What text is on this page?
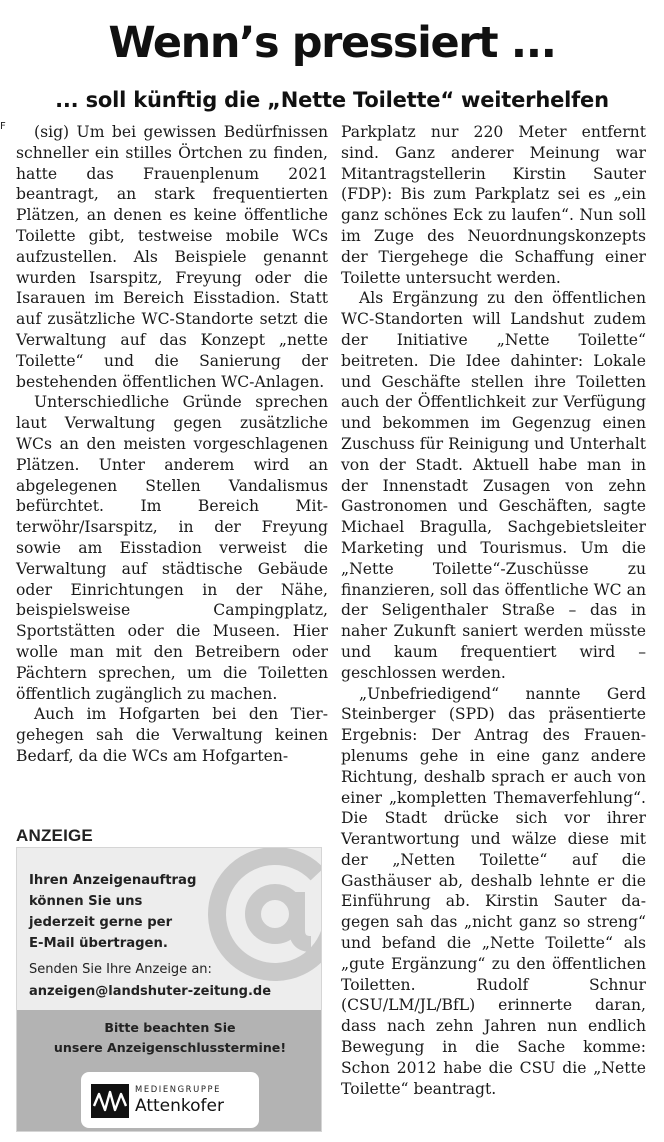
Wenn’s pressiert ...
... soll künftig die „Nette Toilette“ weiterhelfen
F	(sig) Um bei gewissen Bedürfnissen schneller ein stilles Örtchen zu finden, hatte das Frauenplenum 2021 beantragt, an stark frequentierten Plätzen, an denen es keine öffentliche Toilette gibt, testweise mobile WCs aufzustellen. Als Beispiele genannt wurden Isarspitz, Freyung oder die Isarauen im Bereich Eisstadion. Statt auf zusätzliche WC-Standorte setzt die Verwaltung auf das Konzept „nette Toilette“ und die Sanierung der bestehenden öffentlichen WC-Anlagen.

Unterschiedliche Gründe sprechen laut Verwaltung gegen zusätzliche WCs an den meisten vorgeschlagenen Plätzen. Unter anderem wird an abgelegenen Stellen Vandalismus befürchtet. Im Bereich Mitterwöhr/Isarspitz, in der Freyung sowie am Eisstadion verweist die Verwaltung auf städtische Gebäude oder Einrichtungen in der Nähe, beispielsweise Campingplatz, Sportstätten oder die Museen. Hier wolle man mit den Betreibern oder Pächtern sprechen, um die Toiletten öffentlich zugänglich zu machen.

Auch im Hofgarten bei den Tiergehegen sah die Verwaltung keinen Bedarf, da die WCs am Hofgarten-

Parkplatz nur 220 Meter entfernt sind. Ganz anderer Meinung war Mitantragstellerin Kirstin Sauter (FDP): Bis zum Parkplatz sei es „ein ganz schönes Eck zu laufen“. Nun soll im Zuge des Neuordnungskonzepts der Tiergehege die Schaffung einer Toilette untersucht werden.

Als Ergänzung zu den öffentlichen WC-Standorten will Landshut zudem der Initiative „Nette Toilette“ beitreten. Die Idee dahinter: Lokale und Geschäfte stellen ihre Toiletten auch der Öffentlichkeit zur Verfügung und bekommen im Gegenzug einen Zuschuss für Reinigung und Unterhalt von der Stadt. Aktuell habe man in der Innenstadt Zusagen von zehn Gastronomen und Geschäften, sagte Michael Bragulla, Sachgebietsleiter Marketing und Tourismus. Um die „Nette Toilette“-Zuschüsse zu finanzieren, soll das öffentliche WC an der Seligenthaler Straße – das in naher Zukunft saniert werden müsste und kaum frequentiert wird – geschlossen werden.

„Unbefriedigend“ nannte Gerd Steinberger (SPD) das präsentierte Ergebnis: Der Antrag des Frauenplenums gehe in eine ganz andere Richtung, deshalb sprach er auch von einer „kompletten Themaverfehlung“. Die Stadt drücke sich vor ihrer Verantwortung und wälze diese mit der „Netten Toilette“ auf die Gasthäuser ab, deshalb lehnte er die Einführung ab. Kirstin Sauter dagegen sah das „nicht ganz so streng“ und befand die „Nette Toilette“ als „gute Ergänzung“ zu den öffentlichen Toiletten. Rudolf Schnur (CSU/LM/JL/BfL) erinnerte daran, dass nach zehn Jahren nun endlich Bewegung in die Sache komme: Schon 2012 habe die CSU die „Nette Toilette“ beantragt.

ANZEIGE
Ihren Anzeigenauftrag
können Sie uns
jederzeit gerne per
E-Mail übertragen.
Senden Sie Ihre Anzeige an:
anzeigen@landshuter-zeitung.de
Bitte beachten Sie
unsere Anzeigenschlusstermine!
MEDIENGRUPPE
Attenkofer
